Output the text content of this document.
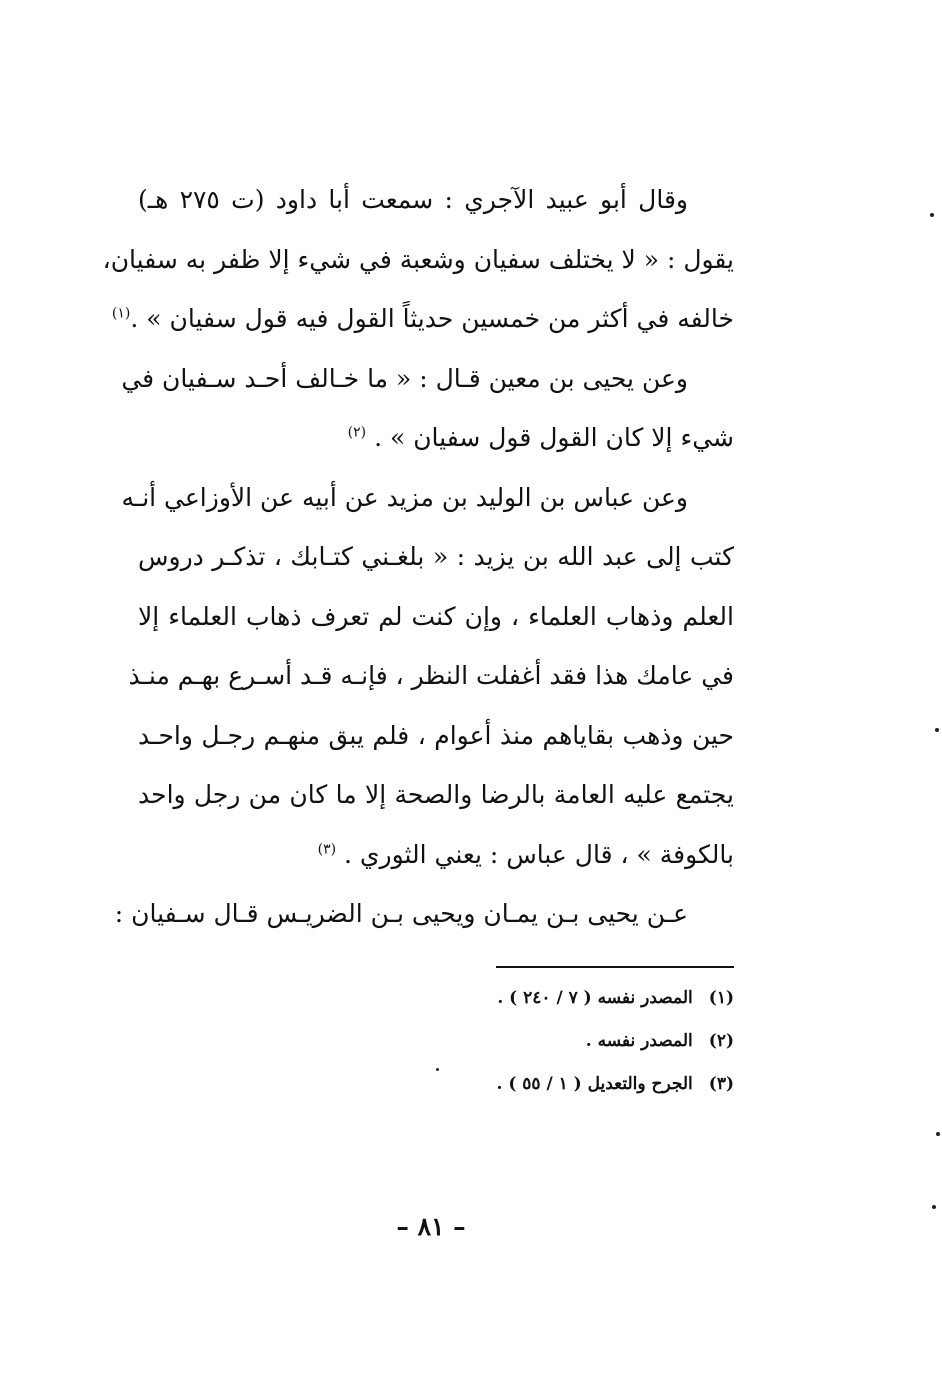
وقال أبو عبيد الآجري : سمعت أبا داود (ت ٢٧٥ هـ)
يقول : « لا يختلف سفيان وشعبة في شيء إلا ظفر به سفيان،
خالفه في أكثر من خمسين حديثاً القول فيه قول سفيان » .$^{(١)}$
وعن يحيى بن معين قـال : « ما خـالف أحـد سـفيان في
شيء إلا كان القول قول سفيان » . $^{(٢)}$
وعن عباس بن الوليد بن مزيد عن أبيه عن الأوزاعي أنـه
كتب إلى عبد الله بن يزيد : « بلغـني كتـابك ، تذكـر دروس
العلم وذهاب العلماء ، وإن كنت لم تعرف ذهاب العلماء إلا
في عامك هذا فقد أغفلت النظر ، فإنـه قـد أسـرع بهـم منـذ
حين وذهب بقاياهم منذ أعوام ، فلم يبق منهـم رجـل واحـد
يجتمع عليه العامة بالرضا والصحة إلا ما كان من رجل واحد
بالكوفة » ، قال عباس : يعني الثوري . $^{(٣)}$
عـن يحيى بـن يمـان ويحيى بـن الضريـس قـال سـفيان :
(١)المصدر نفسه ( ٧ / ٢٤٠ ) .
(٢)المصدر نفسه .
(٣)الجرح والتعديل ( ١ / ٥٥ ) .
– ٨١ –
